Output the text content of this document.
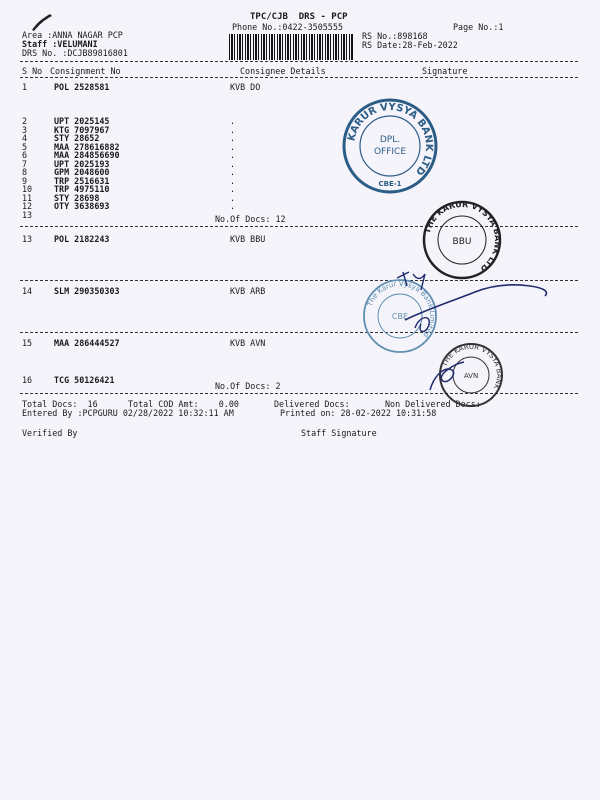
TPC/CJB  DRS - PCP
Phone No.:0422-3505555	Page No.:1
Area :ANNA NAGAR PCP
Staff :VELUMANI
DRS No. :DCJB89816801
RS No.:898168
RS Date:28-Feb-2022
S No Consignment No	Consignee Details	Signature
1	POL 2528581	KVB DO
2	UPT 2025145	.
3	KTG 7097967	.
4	STY 28652	.
5	MAA 278616882	.
6	MAA 284856690	.
7	UPT 2025193	.
8	GPM 2048600	.
9	TRP 2516631	.
10	TRP 4975110	.
11	STY 28698	.
12	OTY 3638693	.
13	No.Of Docs: 12
13	POL 2182243	KVB BBU
14	SLM 290350303	KVB ARB
15	MAA 286444527	KVB AVN
16	TCG 50126421
No.Of Docs: 2
Total Docs:  16	Total COD Amt:    0.00	Delivered Docs:	Non Delivered Docs:
Entered By :PCPGURU 02/28/2022 10:32:11 AM	Printed on: 28-02-2022 10:31:58
Verified By	Staff Signature
KARUR VYSYA BANK LTD
DPL.
OFFICE
CBE-1
THE KARUR VYSYA BANK LTD
BBU
The Karur Vysya Bank Limited
CBE
THE KARUR VYSYA BANK
AVN
